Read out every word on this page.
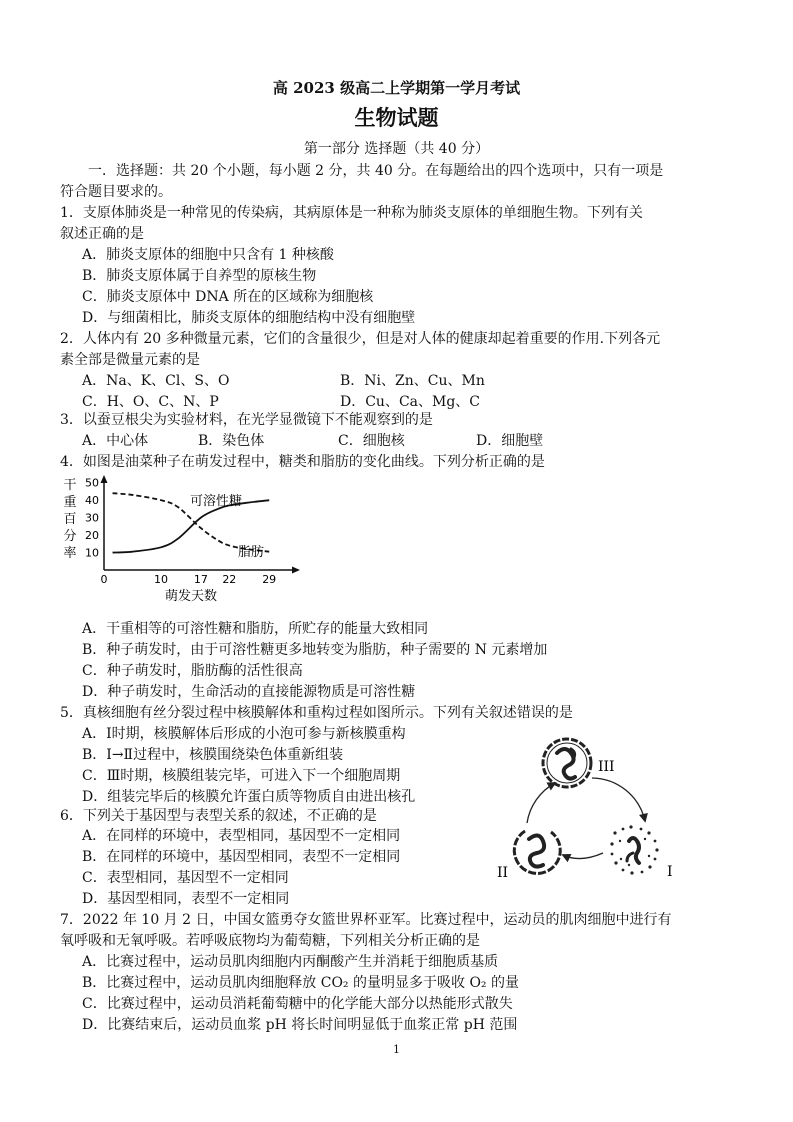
高 2023 级高二上学期第一学月考试
生物试题
第一部分 选择题（共 40 分）
一．选择题：共 20 个小题，每小题 2 分，共 40 分。在每题给出的四个选项中，只有一项是
符合题目要求的。
1．支原体肺炎是一种常见的传染病，其病原体是一种称为肺炎支原体的单细胞生物。下列有关
叙述正确的是
A．肺炎支原体的细胞中只含有 1 种核酸
B．肺炎支原体属于自养型的原核生物
C．肺炎支原体中 DNA 所在的区域称为细胞核
D．与细菌相比，肺炎支原体的细胞结构中没有细胞壁
2．人体内有 20 多种微量元素，它们的含量很少，但是对人体的健康却起着重要的作用.下列各元
素全部是微量元素的是
A．Na、K、Cl、S、O	B．Ni、Zn、Cu、Mn
C．H、O、C、N、P	D．Cu、Ca、Mg、C
3．以蚕豆根尖为实验材料，在光学显微镜下不能观察到的是
A．中心体	B．染色体	C．细胞核	D．细胞壁
4．如图是油菜种子在萌发过程中，糖类和脂肪的变化曲线。下列分析正确的是
10
20
30
40
50
0	10 17 22 29
可溶性糖
脂肪
萌发天数
干重百分率
A．干重相等的可溶性糖和脂肪，所贮存的能量大致相同
B．种子萌发时，由于可溶性糖更多地转变为脂肪，种子需要的 N 元素增加
C．种子萌发时，脂肪酶的活性很高
D．种子萌发时，生命活动的直接能源物质是可溶性糖
5．真核细胞有丝分裂过程中核膜解体和重构过程如图所示。下列有关叙述错误的是
A．Ⅰ时期，核膜解体后形成的小泡可参与新核膜重构
B．Ⅰ→Ⅱ过程中，核膜围绕染色体重新组装
C．Ⅲ时期，核膜组装完毕，可进入下一个细胞周期
D．组装完毕后的核膜允许蛋白质等物质自由进出核孔
III
I
II
6．下列关于基因型与表型关系的叙述，不正确的是
A．在同样的环境中，表型相同，基因型不一定相同
B．在同样的环境中，基因型相同，表型不一定相同
C．表型相同，基因型不一定相同
D．基因型相同，表型不一定相同
7．2022 年 10 月 2 日，中国女篮勇夺女篮世界杯亚军。比赛过程中，运动员的肌肉细胞中进行有
氧呼吸和无氧呼吸。若呼吸底物均为葡萄糖，下列相关分析正确的是
A．比赛过程中，运动员肌肉细胞内丙酮酸产生并消耗于细胞质基质
B．比赛过程中，运动员肌肉细胞释放 CO₂ 的量明显多于吸收 O₂ 的量
C．比赛过程中，运动员消耗葡萄糖中的化学能大部分以热能形式散失
D．比赛结束后，运动员血浆 pH 将长时间明显低于血浆正常 pH 范围
1
